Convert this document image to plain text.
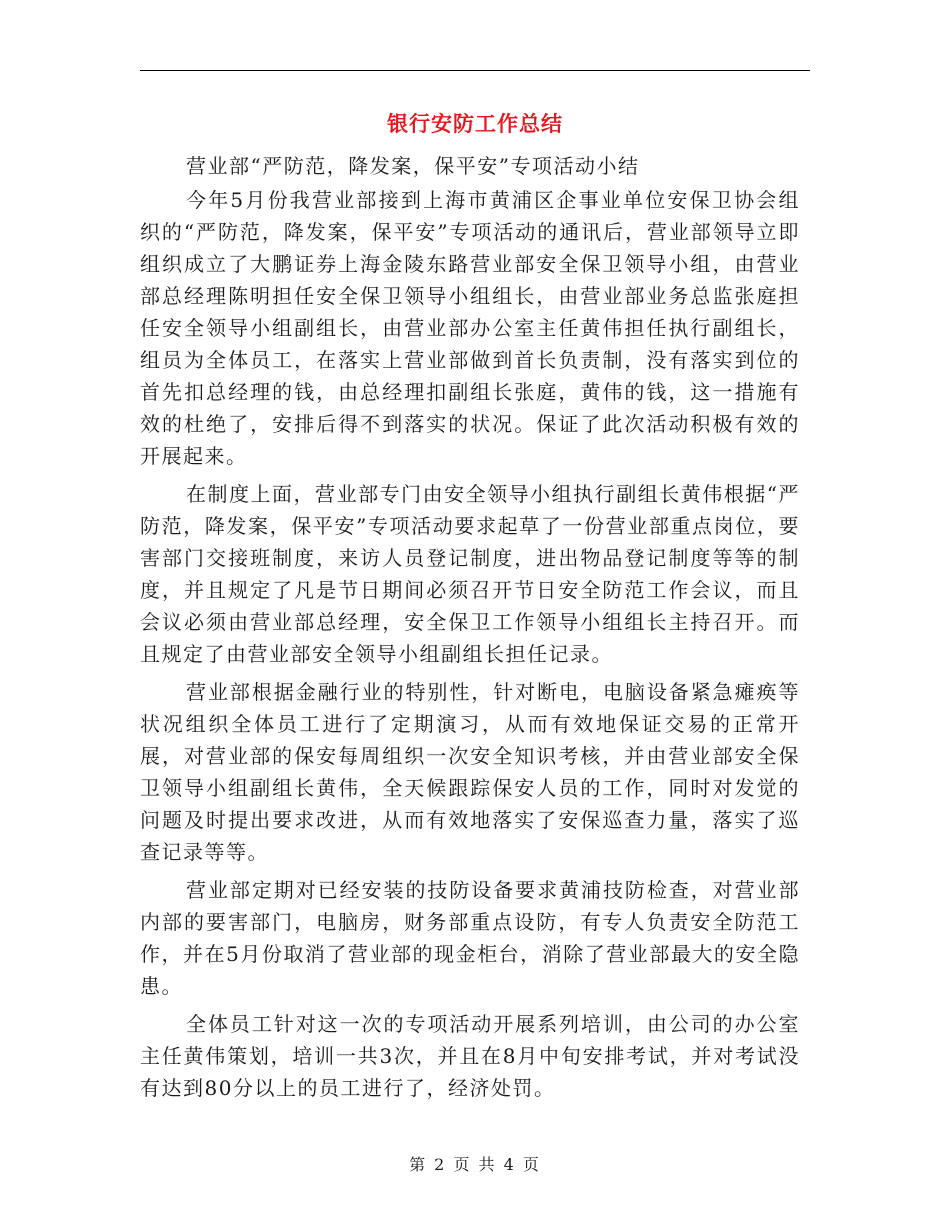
银行安防工作总结

营业部“严防范，降发案，保平安”专项活动小结

今年5月份我营业部接到上海市黄浦区企事业单位安保卫协会组织的“严防范，降发案，保平安”专项活动的通讯后，营业部领导立即组织成立了大鹏证券上海金陵东路营业部安全保卫领导小组，由营业部总经理陈明担任安全保卫领导小组组长，由营业部业务总监张庭担任安全领导小组副组长，由营业部办公室主任黄伟担任执行副组长，组员为全体员工，在落实上营业部做到首长负责制，没有落实到位的首先扣总经理的钱，由总经理扣副组长张庭，黄伟的钱，这一措施有效的杜绝了，安排后得不到落实的状况。保证了此次活动积极有效的开展起来。

在制度上面，营业部专门由安全领导小组执行副组长黄伟根据“严防范，降发案，保平安”专项活动要求起草了一份营业部重点岗位，要害部门交接班制度，来访人员登记制度，进出物品登记制度等等的制度，并且规定了凡是节日期间必须召开节日安全防范工作会议，而且会议必须由营业部总经理，安全保卫工作领导小组组长主持召开。而且规定了由营业部安全领导小组副组长担任记录。

营业部根据金融行业的特别性，针对断电，电脑设备紧急瘫痪等状况组织全体员工进行了定期演习，从而有效地保证交易的正常开展，对营业部的保安每周组织一次安全知识考核，并由营业部安全保卫领导小组副组长黄伟，全天候跟踪保安人员的工作，同时对发觉的问题及时提出要求改进，从而有效地落实了安保巡查力量，落实了巡查记录等等。

营业部定期对已经安装的技防设备要求黄浦技防检查，对营业部内部的要害部门，电脑房，财务部重点设防，有专人负责安全防范工作，并在5月份取消了营业部的现金柜台，消除了营业部最大的安全隐患。

全体员工针对这一次的专项活动开展系列培训，由公司的办公室主任黄伟策划，培训一共3次，并且在8月中旬安排考试，并对考试没有达到80分以上的员工进行了，经济处罚。

第 2 页 共 4 页
